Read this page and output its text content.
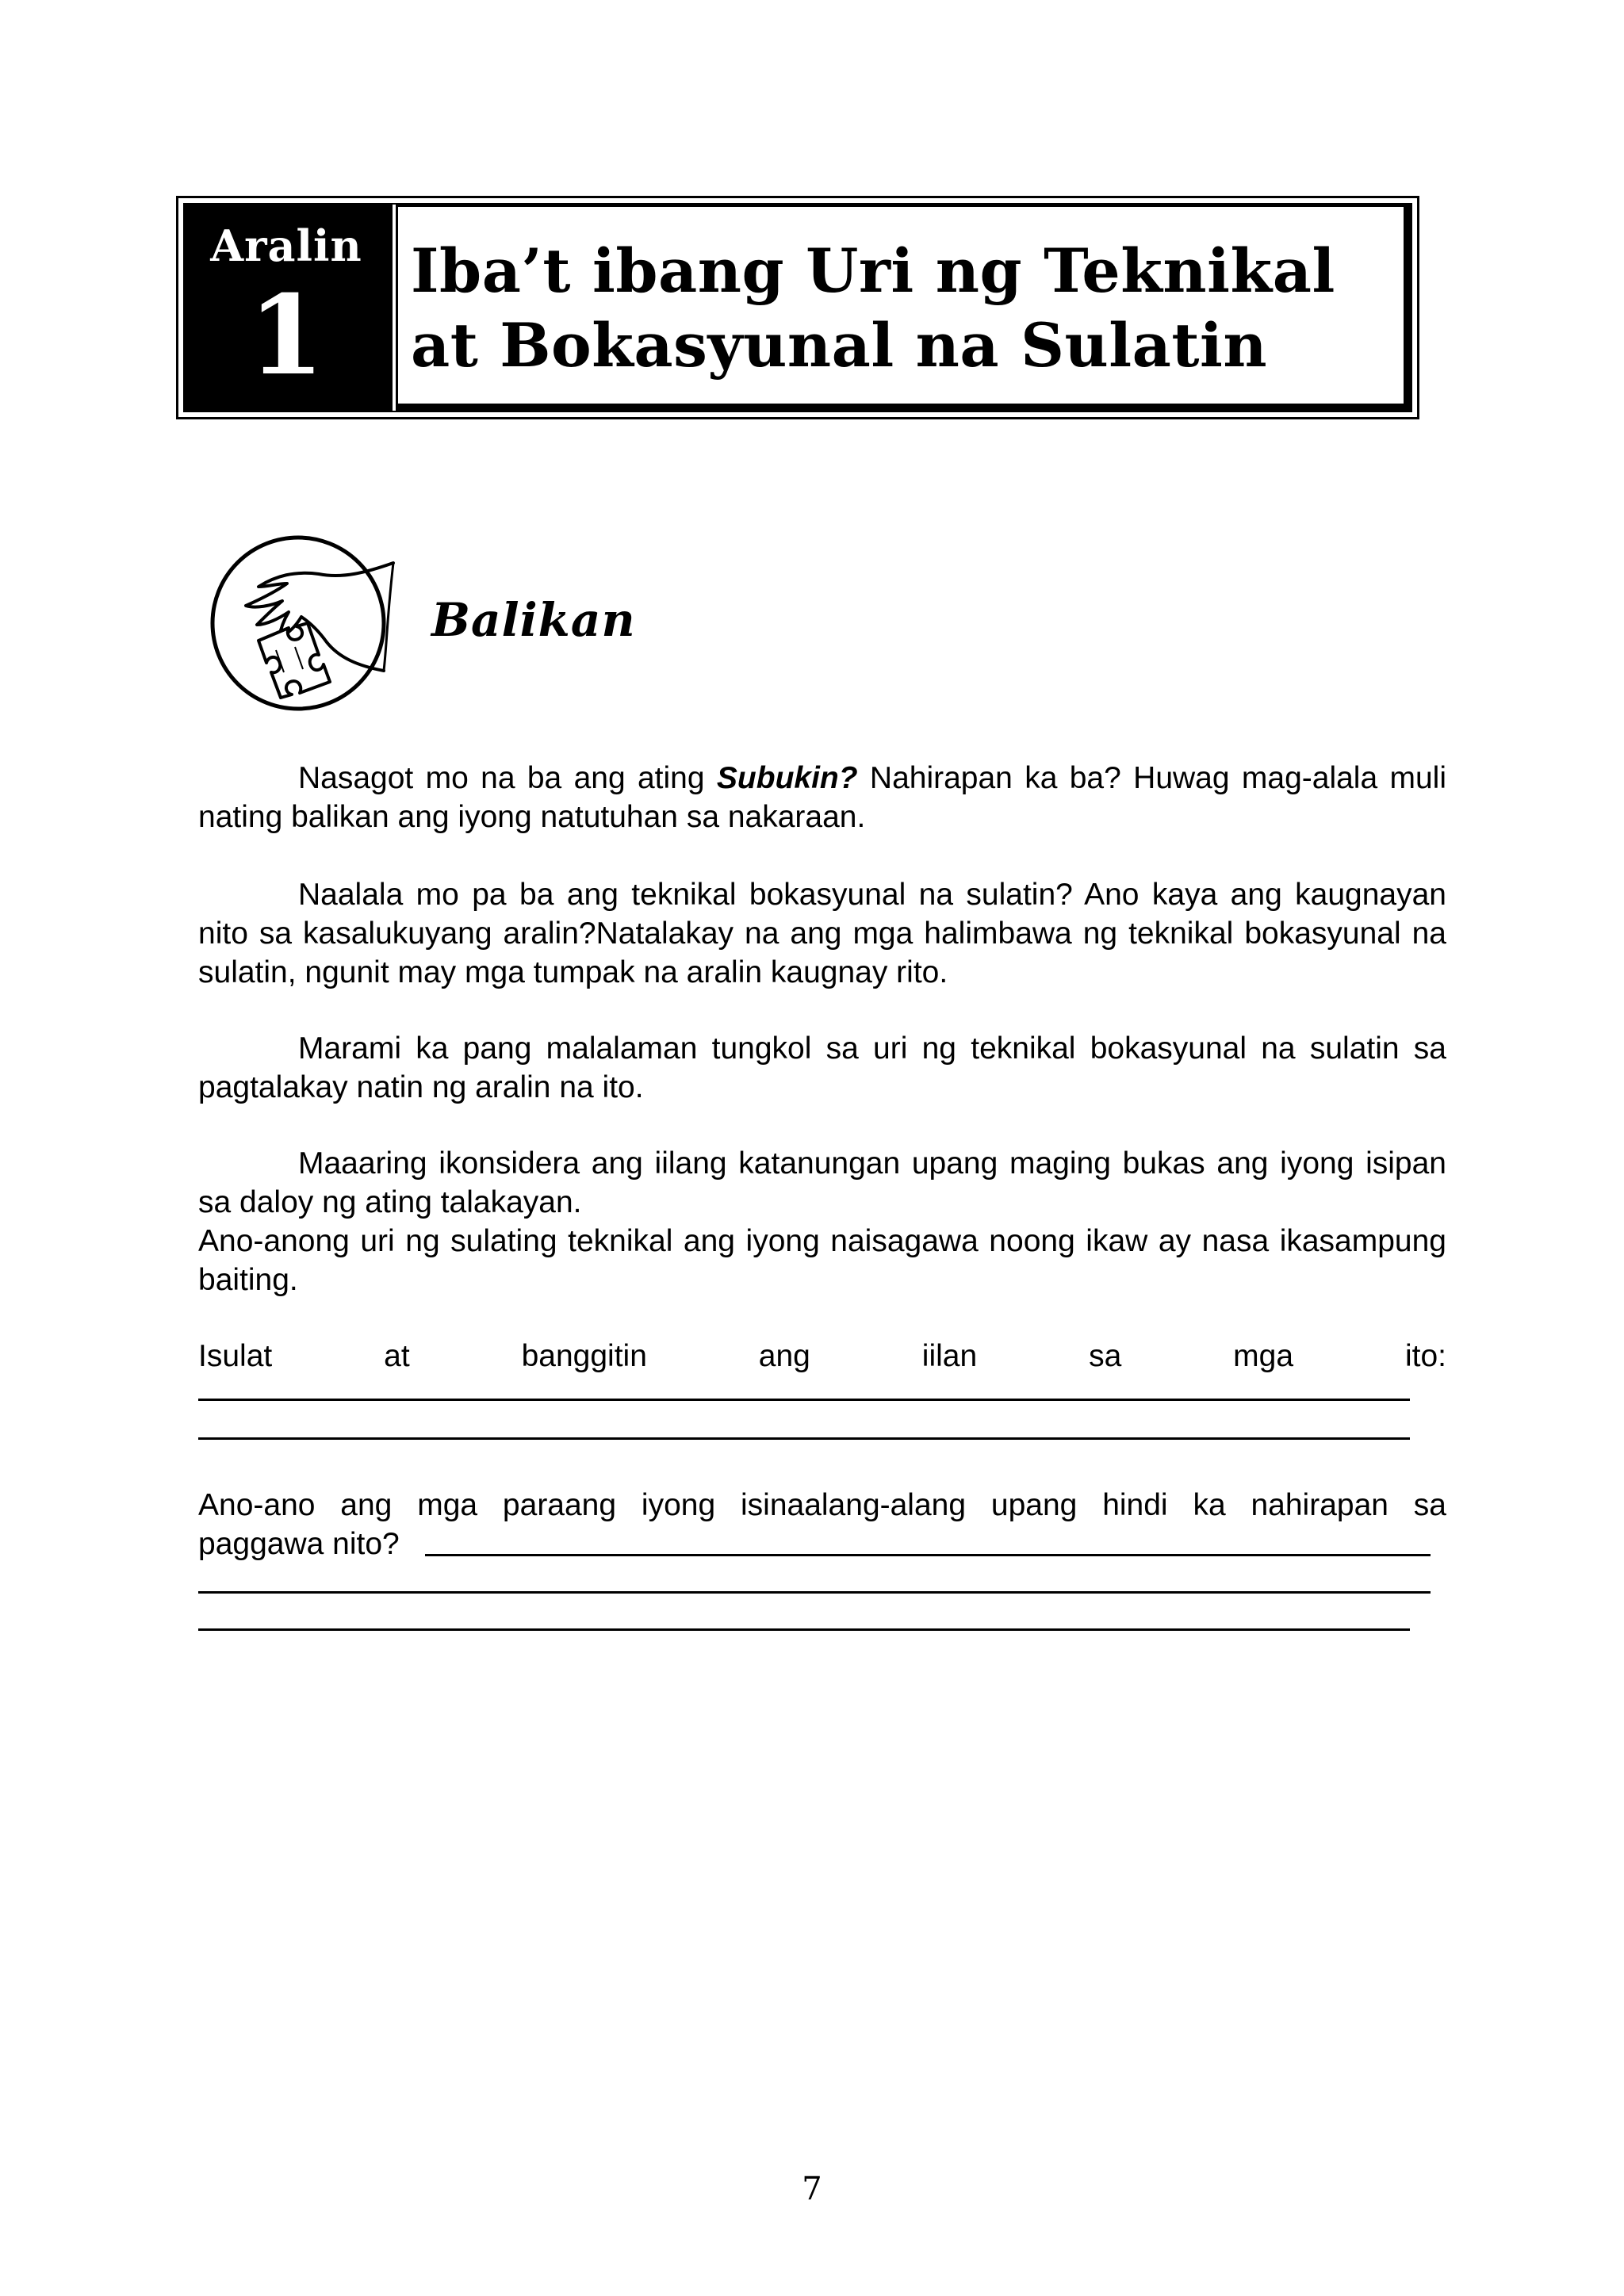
Aralin
1	Iba’t ibang Uri ng Teknikal
at Bokasyunal na Sulatin
Balikan
Nasagot mo na ba ang ating Subukin? Nahirapan ka ba? Huwag mag-alala muli nating balikan ang iyong natutuhan sa nakaraan.
Naalala mo pa ba ang teknikal bokasyunal na sulatin? Ano kaya ang kaugnayan nito sa kasalukuyang aralin?Natalakay na ang mga halimbawa ng teknikal bokasyunal na sulatin, ngunit may mga tumpak na aralin kaugnay rito.
Marami ka pang malalaman tungkol sa uri ng teknikal bokasyunal na sulatin sa pagtalakay natin ng aralin na ito.
Maaaring ikonsidera ang iilang katanungan upang maging bukas ang iyong isipan sa daloy ng ating talakayan.
Ano-anong uri ng sulating teknikal ang iyong naisagawa noong ikaw ay nasa ikasampung baiting.
Isulat at banggitin ang iilan sa mga ito:
Ano-ano ang mga paraang iyong isinaalang-alang upang hindi ka nahirapan sa
paggawa nito?
7
